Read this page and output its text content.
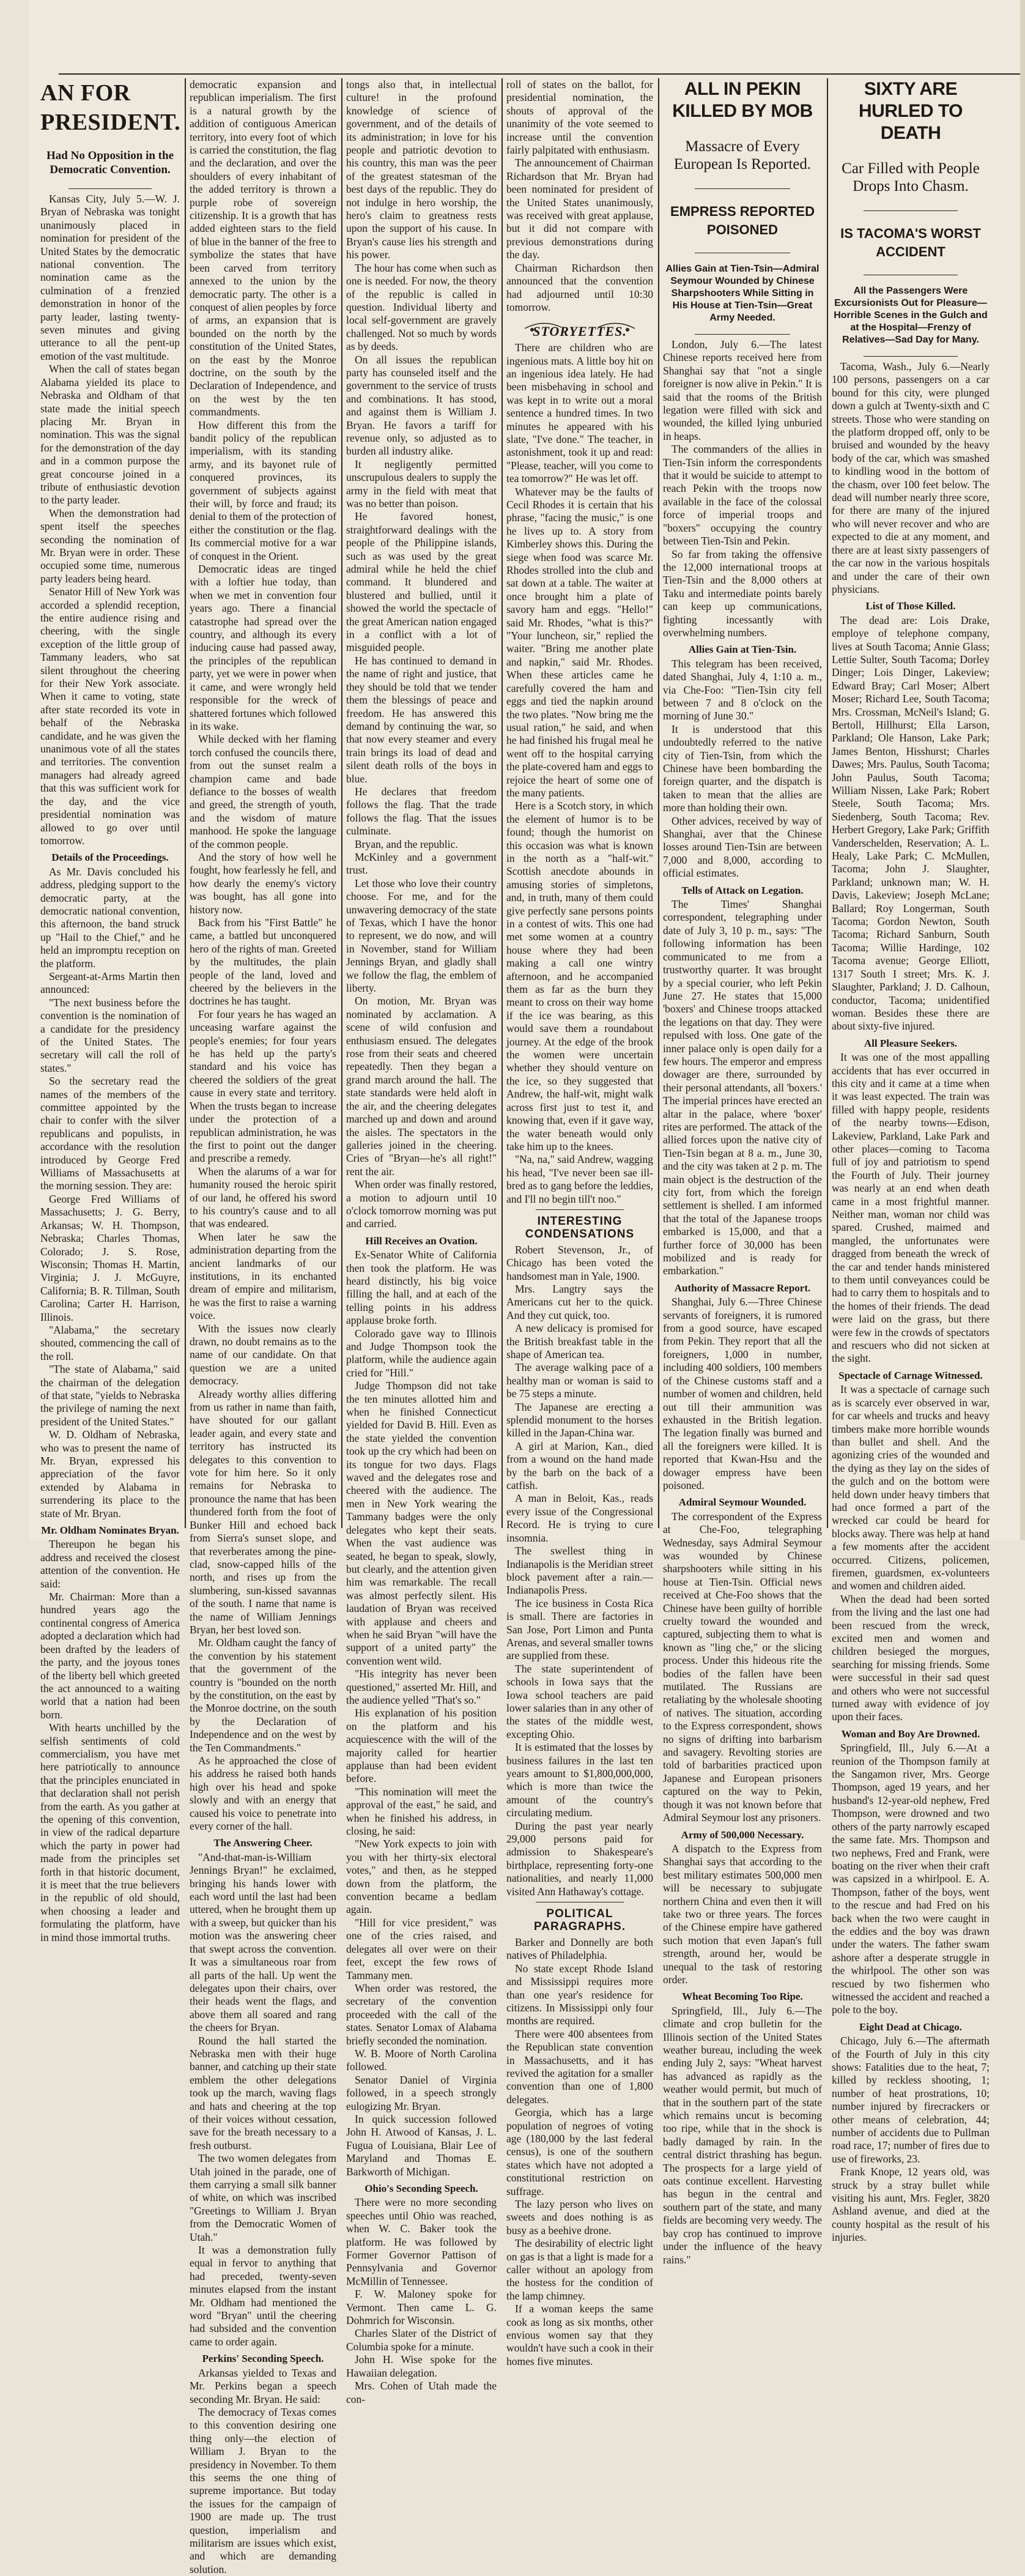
AN FOR PRESIDENT.

Had No Opposition in the Democratic Convention.

Kansas City, July 5.—W. J. Bryan of Nebraska was tonight unanimously placed in nomination for president of the United States by the democratic national convention. The nomination came as the culmination of a frenzied demonstration in honor of the party leader, lasting twenty-seven minutes and giving utterance to all the pent-up emotion of the vast multitude.

When the call of states began Alabama yielded its place to Nebraska and Oldham of that state made the initial speech placing Mr. Bryan in nomination. This was the signal for the demonstration of the day and in a common purpose the great concourse joined in a tribute of enthusiastic devotion to the party leader.

When the demonstration had spent itself the speeches seconding the nomination of Mr. Bryan were in order. These occupied some time, numerous party leaders being heard.

Senator Hill of New York was accorded a splendid reception, the entire audience rising and cheering, with the single exception of the little group of Tammany leaders, who sat silent throughout the cheering for their New York associate. When it came to voting, state after state recorded its vote in behalf of the Nebraska candidate, and he was given the unanimous vote of all the states and territories. The convention managers had already agreed that this was sufficient work for the day, and the vice presidential nomination was allowed to go over until tomorrow.

Details of the Proceedings.

As Mr. Davis concluded his address, pledging support to the democratic party, at the democratic national convention, this afternoon, the band struck up "Hail to the Chief," and he held an impromptu reception on the platform.

Sergeant-at-Arms Martin then announced:

"The next business before the convention is the nomination of a candidate for the presidency of the United States. The secretary will call the roll of states."

So the secretary read the names of the members of the committee appointed by the chair to confer with the silver republicans and populists, in accordance with the resolution introduced by George Fred Williams of Massachusetts at the morning session. They are:

George Fred Williams of Massachusetts; J. G. Berry, Arkansas; W. H. Thompson, Nebraska; Charles Thomas, Colorado; J. S. Rose, Wisconsin; Thomas H. Martin, Virginia; J. J. McGuyre, California; B. R. Tillman, South Carolina; Carter H. Harrison, Illinois.

"Alabama," the secretary shouted, commencing the call of the roll.

"The state of Alabama," said the chairman of the delegation of that state, "yields to Nebraska the privilege of naming the next president of the United States."

W. D. Oldham of Nebraska, who was to present the name of Mr. Bryan, expressed his appreciation of the favor extended by Alabama in surrendering its place to the state of Mr. Bryan.

Mr. Oldham Nominates Bryan.

Thereupon he began his address and received the closest attention of the convention. He said:

Mr. Chairman: More than a hundred years ago the continental congress of America adopted a declaration which had been drafted by the leaders of the party, and the joyous tones of the liberty bell which greeted the act announced to a waiting world that a nation had been born.

With hearts unchilled by the selfish sentiments of cold commercialism, you have met here patriotically to announce that the principles enunciated in that declaration shall not perish from the earth. As you gather at the opening of this convention, in view of the radical departure which the party in power had made from the principles set forth in that historic document, it is meet that the true believers in the republic of old should, when choosing a leader and formulating the platform, have in mind those immortal truths.

democratic expansion and republican imperialism. The first is a natural growth by the addition of contiguous American territory, into every foot of which is carried the constitution, the flag and the declaration, and over the shoulders of every inhabitant of the added territory is thrown a purple robe of sovereign citizenship. It is a growth that has added eighteen stars to the field of blue in the banner of the free to symbolize the states that have been carved from territory annexed to the union by the democratic party. The other is a conquest of alien peoples by force of arms, an expansion that is bounded on the north by the constitution of the United States, on the east by the Monroe doctrine, on the south by the Declaration of Independence, and on the west by the ten commandments.

How different this from the bandit policy of the republican imperialism, with its standing army, and its bayonet rule of conquered provinces, its government of subjects against their will, by force and fraud; its denial to them of the protection of either the constitution or the flag. Its commercial motive for a war of conquest in the Orient.

Democratic ideas are tinged with a loftier hue today, than when we met in convention four years ago. There a financial catastrophe had spread over the country, and although its every inducing cause had passed away, the principles of the republican party, yet we were in power when it came, and were wrongly held responsible for the wreck of shattered fortunes which followed in its wake.

While decked with her flaming torch confused the councils there, from out the sunset realm a champion came and bade defiance to the bosses of wealth and greed, the strength of youth, and the wisdom of mature manhood. He spoke the language of the common people.

And the story of how well he fought, how fearlessly he fell, and how dearly the enemy's victory was bought, has all gone into history now.

Back from his "First Battle" he came, a battled but unconquered hero of the rights of man. Greeted by the multitudes, the plain people of the land, loved and cheered by the believers in the doctrines he has taught.

For four years he has waged an unceasing warfare against the people's enemies; for four years he has held up the party's standard and his voice has cheered the soldiers of the great cause in every state and territory. When the trusts began to increase under the protection of a republican administration, he was the first to point out the danger and prescribe a remedy.

When the alarums of a war for humanity roused the heroic spirit of our land, he offered his sword to his country's cause and to all that was endeared.

When later he saw the administration departing from the ancient landmarks of our institutions, in its enchanted dream of empire and militarism, he was the first to raise a warning voice.

With the issues now clearly drawn, no doubt remains as to the name of our candidate. On that question we are a united democracy.

Already worthy allies differing from us rather in name than faith, have shouted for our gallant leader again, and every state and territory has instructed its delegates to this convention to vote for him here. So it only remains for Nebraska to pronounce the name that has been thundered forth from the foot of Bunker Hill and echoed back from Sierra's sunset slope, and that reverberates among the pine-clad, snow-capped hills of the north, and rises up from the slumbering, sun-kissed savannas of the south. I name that name is the name of William Jennings Bryan, her best loved son.

Mr. Oldham caught the fancy of the convention by his statement that the government of the country is "bounded on the north by the constitution, on the east by the Monroe doctrine, on the south by the Declaration of Independence and on the west by the Ten Commandments."

As he approached the close of his address he raised both hands high over his head and spoke slowly and with an energy that caused his voice to penetrate into every corner of the hall.

The Answering Cheer.

"And-that-man-is-William Jennings Bryan!" he exclaimed, bringing his hands lower with each word until the last had been uttered, when he brought them up with a sweep, but quicker than his motion was the answering cheer that swept across the convention. It was a simultaneous roar from all parts of the hall. Up went the delegates upon their chairs, over their heads went the flags, and above them all soared and rang the cheers for Bryan.

Round the hall started the Nebraska men with their huge banner, and catching up their state emblem the other delegations took up the march, waving flags and hats and cheering at the top of their voices without cessation, save for the breath necessary to a fresh outburst.

The two women delegates from Utah joined in the parade, one of them carrying a small silk banner of white, on which was inscribed "Greetings to William J. Bryan from the Democratic Women of Utah."

It was a demonstration fully equal in fervor to anything that had preceded, twenty-seven minutes elapsed from the instant Mr. Oldham had mentioned the word "Bryan" until the cheering had subsided and the convention came to order again.

Perkins' Seconding Speech.

Arkansas yielded to Texas and Mr. Perkins began a speech seconding Mr. Bryan. He said:

The democracy of Texas comes to this convention desiring one thing only—the election of William J. Bryan to the presidency in November. To them this seems the one thing of supreme importance. But today the issues for the campaign of 1900 are made up. The trust question, imperialism and militarism are issues which exist, and which are demanding solution.

tongs also that, in intellectual culture! in the profound knowledge of science of government, and of the details of its administration; in love for his people and patriotic devotion to his country, this man was the peer of the greatest statesman of the best days of the republic. They do not indulge in hero worship, the hero's claim to greatness rests upon the support of his cause. In Bryan's cause lies his strength and his power.

The hour has come when such as one is needed. For now, the theory of the republic is called in question. Individual liberty and local self-government are gravely challenged. Not so much by words as by deeds.

On all issues the republican party has counseled itself and the government to the service of trusts and combinations. It has stood, and against them is William J. Bryan. He favors a tariff for revenue only, so adjusted as to burden all industry alike.

It negligently permitted unscrupulous dealers to supply the army in the field with meat that was no better than poison.

He favored honest, straightforward dealings with the people of the Philippine islands, such as was used by the great admiral while he held the chief command. It blundered and blustered and bullied, until it showed the world the spectacle of the great American nation engaged in a conflict with a lot of misguided people.

He has continued to demand in the name of right and justice, that they should be told that we tender them the blessings of peace and freedom. He has answered this demand by continuing the war, so that now every steamer and every train brings its load of dead and silent death rolls of the boys in blue.

He declares that freedom follows the flag. That the trade follows the flag. That the issues culminate.

Bryan, and the republic.

McKinley and a government trust.

Let those who love their country choose. For me, and for the unwavering democracy of the state of Texas, which I have the honor to represent, we do now, and will in November, stand for William Jennings Bryan, and gladly shall we follow the flag, the emblem of liberty.

On motion, Mr. Bryan was nominated by acclamation. A scene of wild confusion and enthusiasm ensued. The delegates rose from their seats and cheered repeatedly. Then they began a grand march around the hall. The state standards were held aloft in the air, and the cheering delegates marched up and down and around the aisles. The spectators in the galleries joined in the cheering. Cries of "Bryan—he's all right!" rent the air.

When order was finally restored, a motion to adjourn until 10 o'clock tomorrow morning was put and carried.

Hill Receives an Ovation.

Ex-Senator White of California then took the platform. He was heard distinctly, his big voice filling the hall, and at each of the telling points in his address applause broke forth.

Colorado gave way to Illinois and Judge Thompson took the platform, while the audience again cried for "Hill."

Judge Thompson did not take the ten minutes allotted him and when he finished Connecticut yielded for David B. Hill. Even as the state yielded the convention took up the cry which had been on its tongue for two days. Flags waved and the delegates rose and cheered with the audience. The men in New York wearing the Tammany badges were the only delegates who kept their seats. When the vast audience was seated, he began to speak, slowly, but clearly, and the attention given him was remarkable. The recall was almost perfectly silent. His laudation of Bryan was received with applause and cheers and when he said Bryan "will have the support of a united party" the convention went wild.

"His integrity has never been questioned," asserted Mr. Hill, and the audience yelled "That's so."

His explanation of his position on the platform and his acquiescence with the will of the majority called for heartier applause than had been evident before.

"This nomination will meet the approval of the east," he said, and when he finished his address, in closing, he said:

"New York expects to join with you with her thirty-six electoral votes," and then, as he stepped down from the platform, the convention became a bedlam again.

"Hill for vice president," was one of the cries raised, and delegates all over were on their feet, except the few rows of Tammany men.

When order was restored, the secretary of the convention proceeded with the call of the states. Senator Lomax of Alabama briefly seconded the nomination.

W. B. Moore of North Carolina followed.

Senator Daniel of Virginia followed, in a speech strongly eulogizing Mr. Bryan.

In quick succession followed John H. Atwood of Kansas, J. L. Fugua of Louisiana, Blair Lee of Maryland and Thomas E. Barkworth of Michigan.

Ohio's Seconding Speech.

There were no more seconding speeches until Ohio was reached, when W. C. Baker took the platform. He was followed by Former Governor Pattison of Pennsylvania and Governor McMillin of Tennessee.

F. W. Maloney spoke for Vermont. Then came L. G. Dohmrich for Wisconsin.

Charles Slater of the District of Columbia spoke for a minute.

John H. Wise spoke for the Hawaiian delegation.

Mrs. Cohen of Utah made the con-

roll of states on the ballot, for presidential nomination, the shouts of approval of the unanimity of the vote seemed to increase until the convention fairly palpitated with enthusiasm.

The announcement of Chairman Richardson that Mr. Bryan had been nominated for president of the United States unanimously, was received with great applause, but it did not compare with previous demonstrations during the day.

Chairman Richardson then announced that the convention had adjourned until 10:30 tomorrow.

STORYETTES.

There are children who are ingenious mats. A little boy hit on an ingenious idea lately. He had been misbehaving in school and was kept in to write out a moral sentence a hundred times. In two minutes he appeared with his slate, "I've done." The teacher, in astonishment, took it up and read: "Please, teacher, will you come to tea tomorrow?" He was let off.

Whatever may be the faults of Cecil Rhodes it is certain that his phrase, "facing the music," is one he lives up to. A story from Kimberley shows this. During the siege when food was scarce Mr. Rhodes strolled into the club and sat down at a table. The waiter at once brought him a plate of savory ham and eggs. "Hello!" said Mr. Rhodes, "what is this?" "Your luncheon, sir," replied the waiter. "Bring me another plate and napkin," said Mr. Rhodes. When these articles came he carefully covered the ham and eggs and tied the napkin around the two plates. "Now bring me the usual ration," he said, and when he had finished his frugal meal he went off to the hospital carrying the plate-covered ham and eggs to rejoice the heart of some one of the many patients.

Here is a Scotch story, in which the element of humor is to be found; though the humorist on this occasion was what is known in the north as a "half-wit." Scottish anecdote abounds in amusing stories of simpletons, and, in truth, many of them could give perfectly sane persons points in a contest of wits. This one had met some women at a country house where they had been making a call one wintry afternoon, and he accompanied them as far as the burn they meant to cross on their way home if the ice was bearing, as this would save them a roundabout journey. At the edge of the brook the women were uncertain whether they should venture on the ice, so they suggested that Andrew, the half-wit, might walk across first just to test it, and knowing that, even if it gave way, the water beneath would only take him up to the knees.

"Na, na," said Andrew, wagging his head, "I've never been sae ill-bred as to gang before the leddies, and I'll no begin till't noo."

INTERESTING CONDENSATIONS

Robert Stevenson, Jr., of Chicago has been voted the handsomest man in Yale, 1900.

Mrs. Langtry says the Americans cut her to the quick. And they cut quick, too.

A new delicacy is promised for the British breakfast table in the shape of American tea.

The average walking pace of a healthy man or woman is said to be 75 steps a minute.

The Japanese are erecting a splendid monument to the horses killed in the Japan-China war.

A girl at Marion, Kan., died from a wound on the hand made by the barb on the back of a catfish.

A man in Beloit, Kas., reads every issue of the Congressional Record. He is trying to cure insomnia.

The swellest thing in Indianapolis is the Meridian street block pavement after a rain.—Indianapolis Press.

The ice business in Costa Rica is small. There are factories in San Jose, Port Limon and Punta Arenas, and several smaller towns are supplied from these.

The state superintendent of schools in Iowa says that the Iowa school teachers are paid lower salaries than in any other of the states of the middle west, excepting Ohio.

It is estimated that the losses by business failures in the last ten years amount to $1,800,000,000, which is more than twice the amount of the country's circulating medium.

During the past year nearly 29,000 persons paid for admission to Shakespeare's birthplace, representing forty-one nationalities, and nearly 11,000 visited Ann Hathaway's cottage.

POLITICAL PARAGRAPHS.

Barker and Donnelly are both natives of Philadelphia.

No state except Rhode Island and Mississippi requires more than one year's residence for citizens. In Mississippi only four months are required.

There were 400 absentees from the Republican state convention in Massachusetts, and it has revived the agitation for a smaller convention than one of 1,800 delegates.

Georgia, which has a large population of negroes of voting age (180,000 by the last federal census), is one of the southern states which have not adopted a constitutional restriction on suffrage.

The lazy person who lives on sweets and does nothing is as busy as a beehive drone.

The desirability of electric light on gas is that a light is made for a caller without an apology from the hostess for the condition of the lamp chimney.

If a woman keeps the same cook as long as six months, other envious women say that they wouldn't have such a cook in their homes five minutes.

ALL IN PEKIN KILLED BY MOB

Massacre of Every European Is Reported.

EMPRESS REPORTED POISONED

Allies Gain at Tien-Tsin—Admiral Seymour Wounded by Chinese Sharpshooters While Sitting in His House at Tien-Tsin—Great Army Needed.

London, July 6.—The latest Chinese reports received here from Shanghai say that "not a single foreigner is now alive in Pekin." It is said that the rooms of the British legation were filled with sick and wounded, the killed lying unburied in heaps.

The commanders of the allies in Tien-Tsin inform the correspondents that it would be suicide to attempt to reach Pekin with the troops now available in the face of the colossal force of imperial troops and "boxers" occupying the country between Tien-Tsin and Pekin.

So far from taking the offensive the 12,000 international troops at Tien-Tsin and the 8,000 others at Taku and intermediate points barely can keep up communications, fighting incessantly with overwhelming numbers.

Allies Gain at Tien-Tsin.

This telegram has been received, dated Shanghai, July 4, 1:10 a. m., via Che-Foo: "Tien-Tsin city fell between 7 and 8 o'clock on the morning of June 30."

It is understood that this undoubtedly referred to the native city of Tien-Tsin, from which the Chinese have been bombarding the foreign quarter, and the dispatch is taken to mean that the allies are more than holding their own.

Other advices, received by way of Shanghai, aver that the Chinese losses around Tien-Tsin are between 7,000 and 8,000, according to official estimates.

Tells of Attack on Legation.

The Times' Shanghai correspondent, telegraphing under date of July 3, 10 p. m., says: "The following information has been communicated to me from a trustworthy quarter. It was brought by a special courier, who left Pekin June 27. He states that 15,000 'boxers' and Chinese troops attacked the legations on that day. They were repulsed with loss. One gate of the inner palace only is open daily for a few hours. The emperor and empress dowager are there, surrounded by their personal attendants, all 'boxers.' The imperial princes have erected an altar in the palace, where 'boxer' rites are performed. The attack of the allied forces upon the native city of Tien-Tsin began at 8 a. m., June 30, and the city was taken at 2 p. m. The main object is the destruction of the city fort, from which the foreign settlement is shelled. I am informed that the total of the Japanese troops embarked is 15,000, and that a further force of 30,000 has been mobilized and is ready for embarkation."

Authority of Massacre Report.

Shanghai, July 6.—Three Chinese servants of foreigners, it is rumored from a good source, have escaped from Pekin. They report that all the foreigners, 1,000 in number, including 400 soldiers, 100 members of the Chinese customs staff and a number of women and children, held out till their ammunition was exhausted in the British legation. The legation finally was burned and all the foreigners were killed. It is reported that Kwan-Hsu and the dowager empress have been poisoned.

Admiral Seymour Wounded.

The correspondent of the Express at Che-Foo, telegraphing Wednesday, says Admiral Seymour was wounded by Chinese sharpshooters while sitting in his house at Tien-Tsin. Official news received at Che-Foo shows that the Chinese have been guilty of horrible cruelty toward the wounded and captured, subjecting them to what is known as "ling che," or the slicing process. Under this hideous rite the bodies of the fallen have been mutilated. The Russians are retaliating by the wholesale shooting of natives. The situation, according to the Express correspondent, shows no signs of drifting into barbarism and savagery. Revolting stories are told of barbarities practiced upon Japanese and European prisoners captured on the way to Pekin, though it was not known before that Admiral Seymour lost any prisoners.

Army of 500,000 Necessary.

A dispatch to the Express from Shanghai says that according to the best military estimates 500,000 men will be necessary to subjugate northern China and even then it will take two or three years. The forces of the Chinese empire have gathered such motion that even Japan's full strength, around her, would be unequal to the task of restoring order.

Wheat Becoming Too Ripe.

Springfield, Ill., July 6.—The climate and crop bulletin for the Illinois section of the United States weather bureau, including the week ending July 2, says: "Wheat harvest has advanced as rapidly as the weather would permit, but much of that in the southern part of the state which remains uncut is becoming too ripe, while that in the shock is badly damaged by rain. In the central district thrashing has begun. The prospects for a large yield of oats continue excellent. Harvesting has begun in the central and southern part of the state, and many fields are becoming very weedy. The bay crop has continued to improve under the influence of the heavy rains."

SIXTY ARE HURLED TO DEATH

Car Filled with People Drops Into Chasm.

IS TACOMA'S WORST ACCIDENT

All the Passengers Were Excursionists Out for Pleasure—Horrible Scenes in the Gulch and at the Hospital—Frenzy of Relatives—Sad Day for Many.

Tacoma, Wash., July 6.—Nearly 100 persons, passengers on a car bound for this city, were plunged down a gulch at Twenty-sixth and C streets. Those who were standing on the platform dropped off, only to be bruised and wounded by the heavy body of the car, which was smashed to kindling wood in the bottom of the chasm, over 100 feet below. The dead will number nearly three score, for there are many of the injured who will never recover and who are expected to die at any moment, and there are at least sixty passengers of the car now in the various hospitals and under the care of their own physicians.

List of Those Killed.

The dead are: Lois Drake, employe of telephone company, lives at South Tacoma; Annie Glass; Lettie Sulter, South Tacoma; Dorley Dinger; Lois Dinger, Lakeview; Edward Bray; Carl Moser; Albert Moser; Richard Lee, South Tacoma; Mrs. Crossman, McNeil's Island; G. Bertoll, Hillhurst; Ella Larson, Parkland; Ole Hanson, Lake Park; James Benton, Hisshurst; Charles Dawes; Mrs. Paulus, South Tacoma; John Paulus, South Tacoma; William Nissen, Lake Park; Robert Steele, South Tacoma; Mrs. Siedenberg, South Tacoma; Rev. Herbert Gregory, Lake Park; Griffith Vanderschelden, Reservation; A. L. Healy, Lake Park; C. McMullen, Tacoma; John J. Slaughter, Parkland; unknown man; W. H. Davis, Lakeview; Joseph McLane; Ballard; Roy Longerman, South Tacoma; Gordon Newton, South Tacoma; Richard Sanburn, South Tacoma; Willie Hardinge, 102 Tacoma avenue; George Elliott, 1317 South I street; Mrs. K. J. Slaughter, Parkland; J. D. Calhoun, conductor, Tacoma; unidentified woman. Besides these there are about sixty-five injured.

All Pleasure Seekers.

It was one of the most appalling accidents that has ever occurred in this city and it came at a time when it was least expected. The train was filled with happy people, residents of the nearby towns—Edison, Lakeview, Parkland, Lake Park and other places—coming to Tacoma full of joy and patriotism to spend the Fourth of July. Their journey was nearly at an end when death came in a most frightful manner. Neither man, woman nor child was spared. Crushed, maimed and mangled, the unfortunates were dragged from beneath the wreck of the car and tender hands ministered to them until conveyances could be had to carry them to hospitals and to the homes of their friends. The dead were laid on the grass, but there were few in the crowds of spectators and rescuers who did not sicken at the sight.

Spectacle of Carnage Witnessed.

It was a spectacle of carnage such as is scarcely ever observed in war, for car wheels and trucks and heavy timbers make more horrible wounds than bullet and shell. And the agonizing cries of the wounded and the dying as they lay on the sides of the gulch and on the bottom were held down under heavy timbers that had once formed a part of the wrecked car could be heard for blocks away. There was help at hand a few moments after the accident occurred. Citizens, policemen, firemen, guardsmen, ex-volunteers and women and children aided.

When the dead had been sorted from the living and the last one had been rescued from the wreck, excited men and women and children besieged the morgues, searching for missing friends. Some were successful in their sad quest and others who were not successful turned away with evidence of joy upon their faces.

Woman and Boy Are Drowned.

Springfield, Ill., July 6.—At a reunion of the Thompson family at the Sangamon river, Mrs. George Thompson, aged 19 years, and her husband's 12-year-old nephew, Fred Thompson, were drowned and two others of the party narrowly escaped the same fate. Mrs. Thompson and two nephews, Fred and Frank, were boating on the river when their craft was capsized in a whirlpool. E. A. Thompson, father of the boys, went to the rescue and had Fred on his back when the two were caught in the eddies and the boy was drawn under the waters. The father swam ashore after a desperate struggle in the whirlpool. The other son was rescued by two fishermen who witnessed the accident and reached a pole to the boy.

Eight Dead at Chicago.

Chicago, July 6.—The aftermath of the Fourth of July in this city shows: Fatalities due to the heat, 7; killed by reckless shooting, 1; number of heat prostrations, 10; number injured by firecrackers or other means of celebration, 44; number of accidents due to Pullman road race, 17; number of fires due to use of fireworks, 23.

Frank Knope, 12 years old, was struck by a stray bullet while visiting his aunt, Mrs. Fegler, 3820 Ashland avenue, and died at the county hospital as the result of his injuries.
